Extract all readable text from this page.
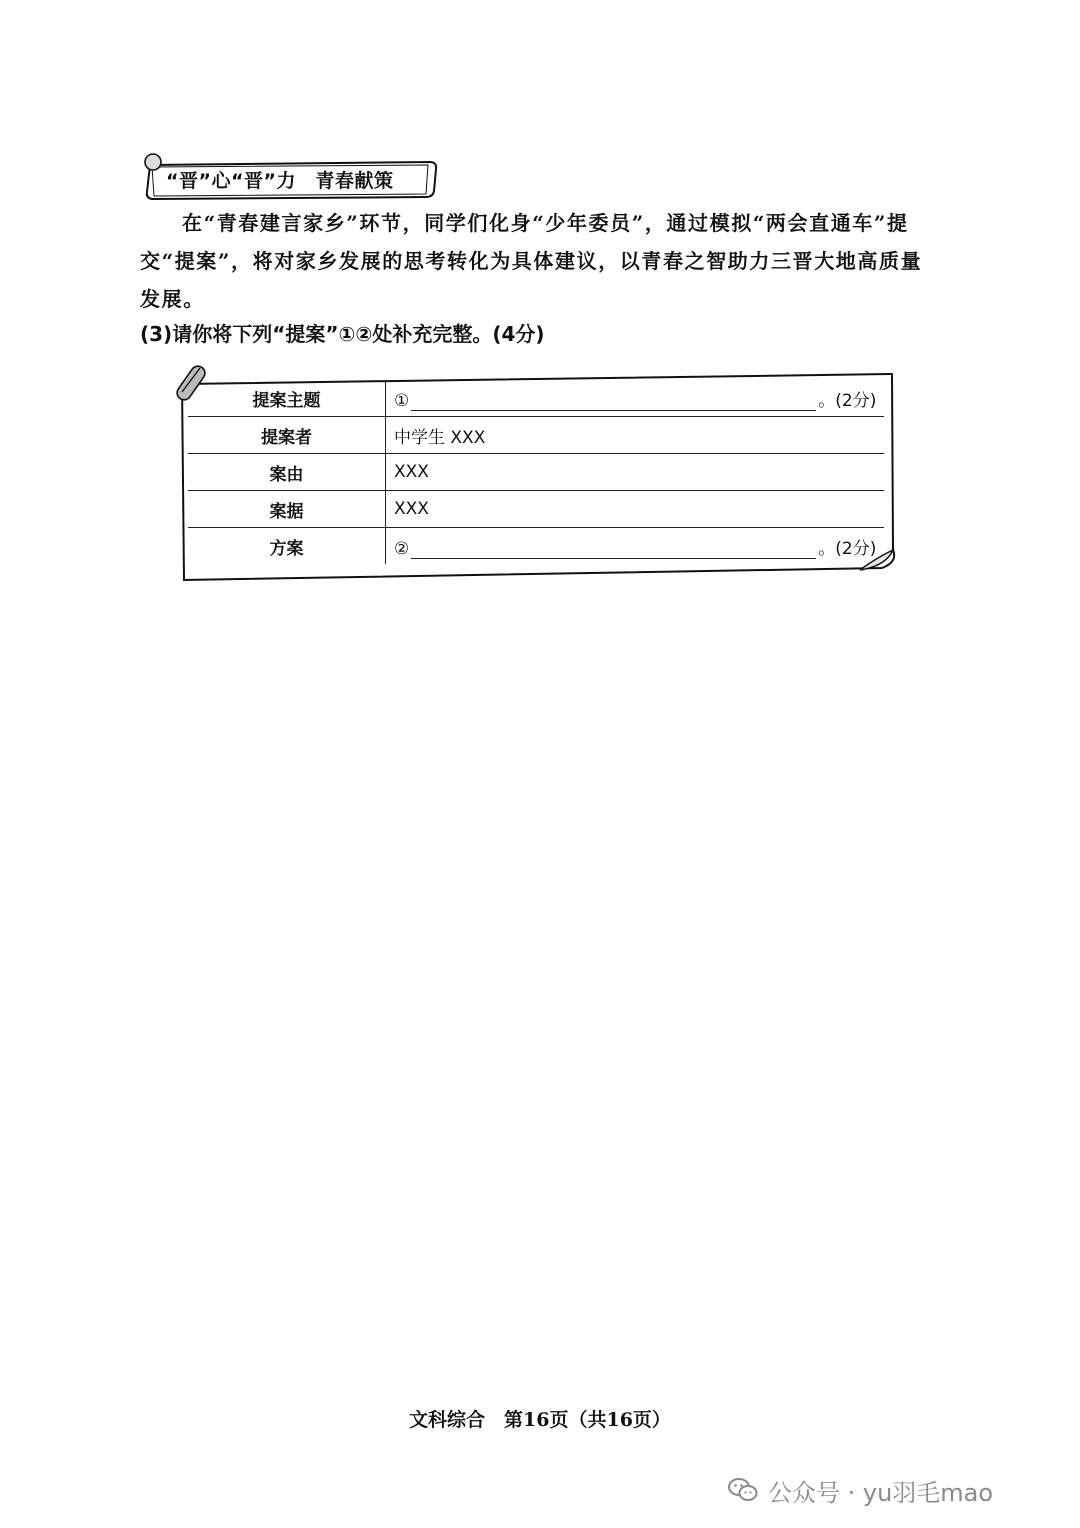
“晋”心“晋”力　青春献策

在“青春建言家乡”环节，同学们化身“少年委员”，通过模拟“两会直通车”提交“提案”，将对家乡发展的思考转化为具体建议，以青春之智助力三晋大地高质量发展。

(3)请你将下列“提案”①②处补充完整。(4分)
提案主题	① 。(2分)
提案者	中学生 XXX
案由	XXX
案据	XXX
方案	② 。(2分)
文科综合　第16页（共16页）
公众号 · yu羽毛mao
